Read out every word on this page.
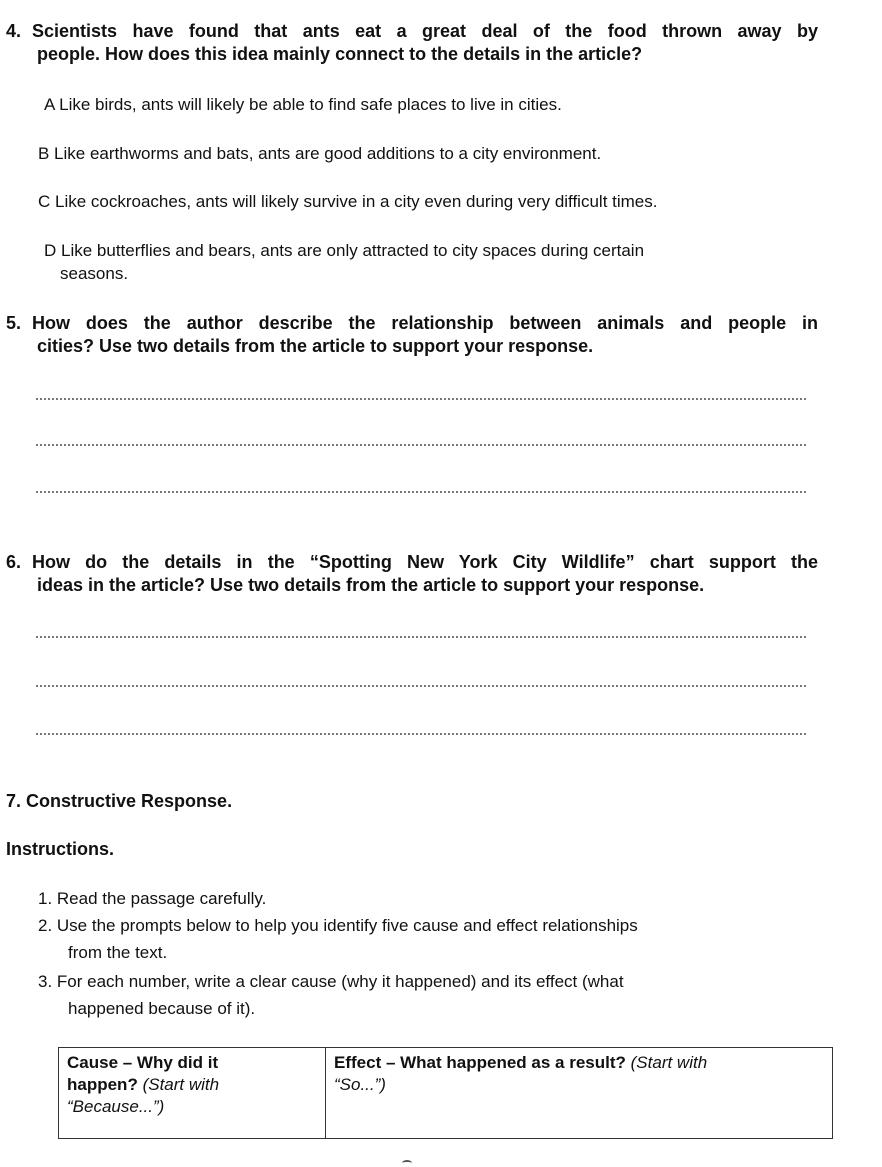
4. Scientists have found that ants eat a great deal of the food thrown away by
people. How does this idea mainly connect to the details in the article?
A Like birds, ants will likely be able to find safe places to live in cities.
B Like earthworms and bats, ants are good additions to a city environment.
C Like cockroaches, ants will likely survive in a city even during very difficult times.
D Like butterflies and bears, ants are only attracted to city spaces during certain
seasons.
5. How does the author describe the relationship between animals and people in
cities? Use two details from the article to support your response.
6. How do the details in the “Spotting New York City Wildlife” chart support the
ideas in the article? Use two details from the article to support your response.
7. Constructive Response.
Instructions.
1. Read the passage carefully.
2. Use the prompts below to help you identify five cause and effect relationships
from the text.
3. For each number, write a clear cause (why it happened) and its effect (what
happened because of it).
Cause – Why did it
happen? (Start with
“Because...”)	Effect – What happened as a result? (Start with
“So...”)
